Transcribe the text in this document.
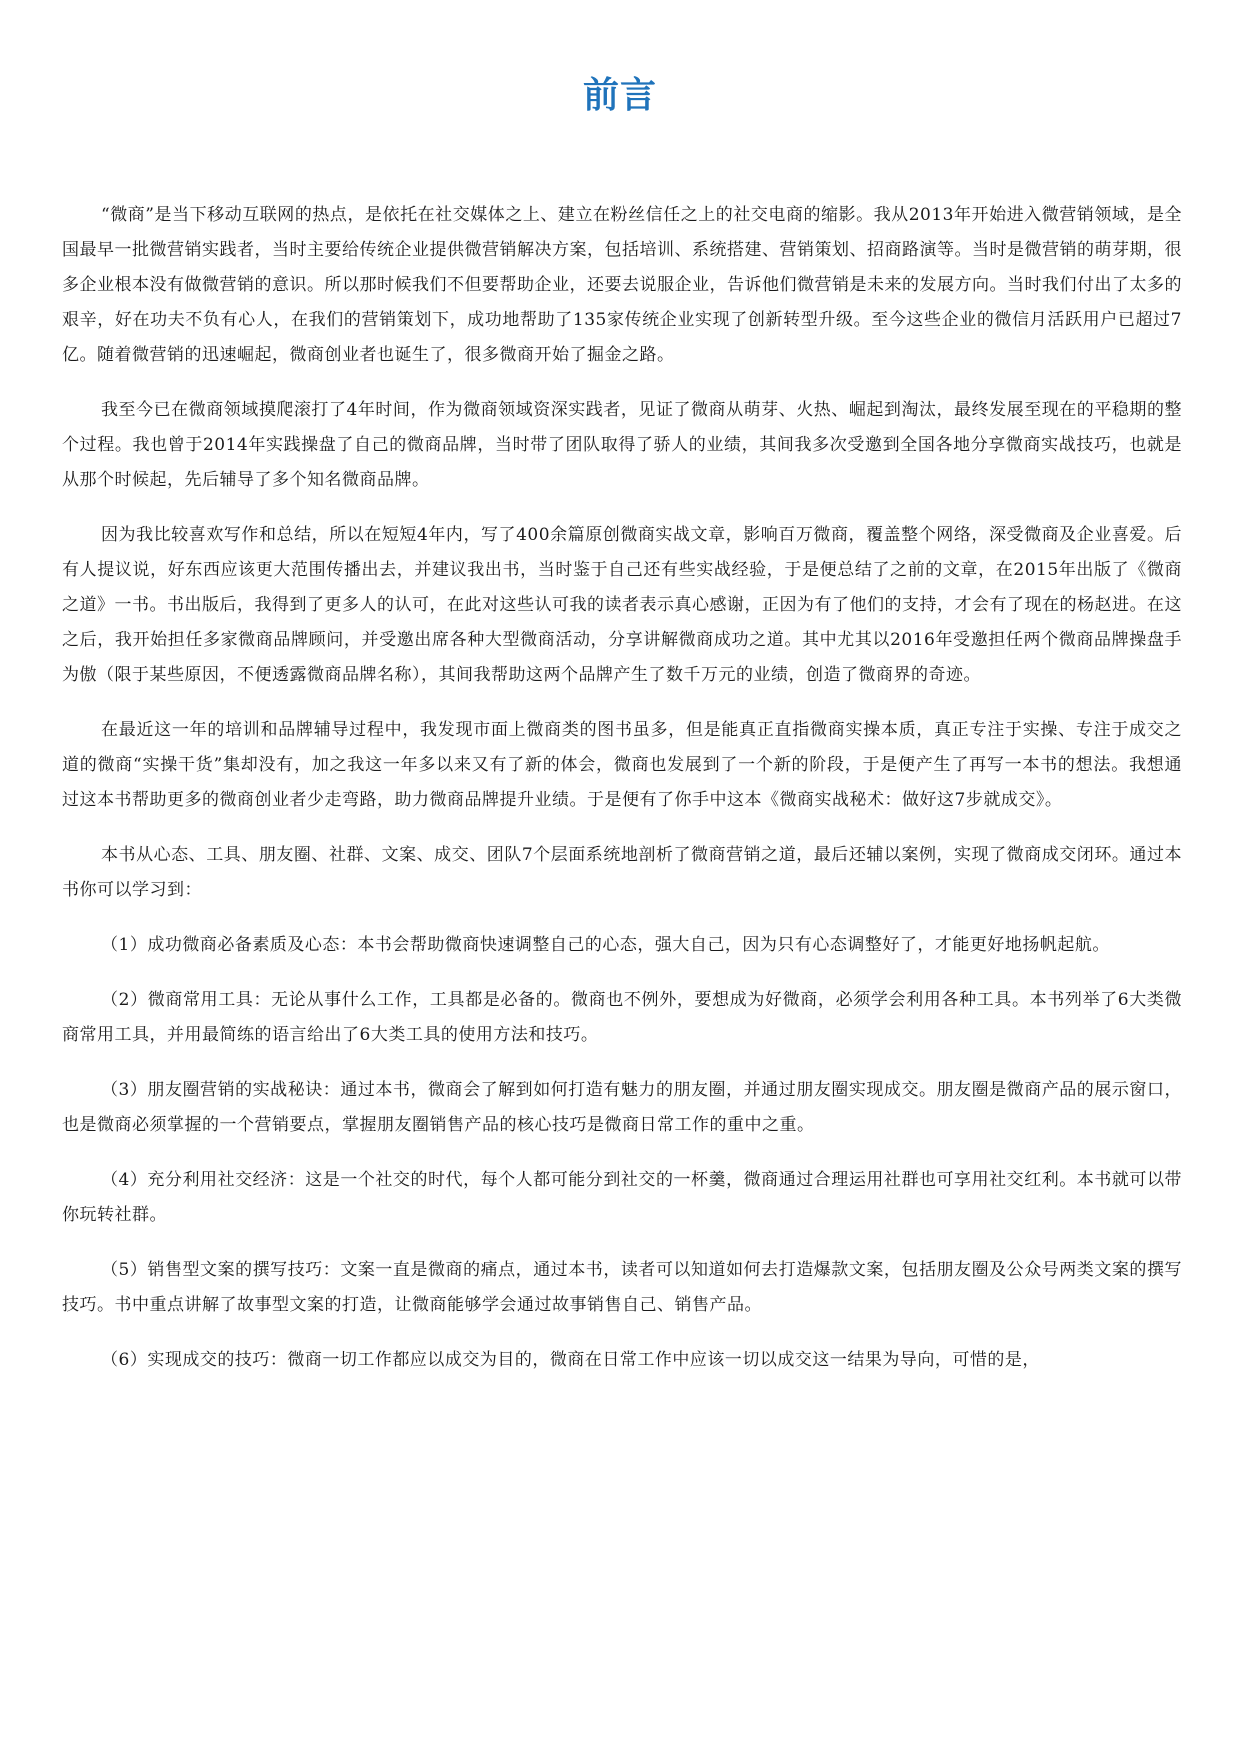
前言

“微商”是当下移动互联网的热点，是依托在社交媒体之上、建立在粉丝信任之上的社交电商的缩影。我从2013年开始进入微营销领域，是全国最早一批微营销实践者，当时主要给传统企业提供微营销解决方案，包括培训、系统搭建、营销策划、招商路演等。当时是微营销的萌芽期，很多企业根本没有做微营销的意识。所以那时候我们不但要帮助企业，还要去说服企业，告诉他们微营销是未来的发展方向。当时我们付出了太多的艰辛，好在功夫不负有心人，在我们的营销策划下，成功地帮助了135家传统企业实现了创新转型升级。至今这些企业的微信月活跃用户已超过7亿。随着微营销的迅速崛起，微商创业者也诞生了，很多微商开始了掘金之路。

我至今已在微商领域摸爬滚打了4年时间，作为微商领域资深实践者，见证了微商从萌芽、火热、崛起到淘汰，最终发展至现在的平稳期的整个过程。我也曾于2014年实践操盘了自己的微商品牌，当时带了团队取得了骄人的业绩，其间我多次受邀到全国各地分享微商实战技巧，也就是从那个时候起，先后辅导了多个知名微商品牌。

因为我比较喜欢写作和总结，所以在短短4年内，写了400余篇原创微商实战文章，影响百万微商，覆盖整个网络，深受微商及企业喜爱。后有人提议说，好东西应该更大范围传播出去，并建议我出书，当时鉴于自己还有些实战经验，于是便总结了之前的文章，在2015年出版了《微商之道》一书。书出版后，我得到了更多人的认可，在此对这些认可我的读者表示真心感谢，正因为有了他们的支持，才会有了现在的杨赵进。在这之后，我开始担任多家微商品牌顾问，并受邀出席各种大型微商活动，分享讲解微商成功之道。其中尤其以2016年受邀担任两个微商品牌操盘手为傲（限于某些原因，不便透露微商品牌名称），其间我帮助这两个品牌产生了数千万元的业绩，创造了微商界的奇迹。

在最近这一年的培训和品牌辅导过程中，我发现市面上微商类的图书虽多，但是能真正直指微商实操本质，真正专注于实操、专注于成交之道的微商“实操干货”集却没有，加之我这一年多以来又有了新的体会，微商也发展到了一个新的阶段，于是便产生了再写一本书的想法。我想通过这本书帮助更多的微商创业者少走弯路，助力微商品牌提升业绩。于是便有了你手中这本《微商实战秘术：做好这7步就成交》。

本书从心态、工具、朋友圈、社群、文案、成交、团队7个层面系统地剖析了微商营销之道，最后还辅以案例，实现了微商成交闭环。通过本书你可以学习到：

（1）成功微商必备素质及心态：本书会帮助微商快速调整自己的心态，强大自己，因为只有心态调整好了，才能更好地扬帆起航。

（2）微商常用工具：无论从事什么工作，工具都是必备的。微商也不例外，要想成为好微商，必须学会利用各种工具。本书列举了6大类微商常用工具，并用最简练的语言给出了6大类工具的使用方法和技巧。

（3）朋友圈营销的实战秘诀：通过本书，微商会了解到如何打造有魅力的朋友圈，并通过朋友圈实现成交。朋友圈是微商产品的展示窗口，也是微商必须掌握的一个营销要点，掌握朋友圈销售产品的核心技巧是微商日常工作的重中之重。

（4）充分利用社交经济：这是一个社交的时代，每个人都可能分到社交的一杯羹，微商通过合理运用社群也可享用社交红利。本书就可以带你玩转社群。

（5）销售型文案的撰写技巧：文案一直是微商的痛点，通过本书，读者可以知道如何去打造爆款文案，包括朋友圈及公众号两类文案的撰写技巧。书中重点讲解了故事型文案的打造，让微商能够学会通过故事销售自己、销售产品。

（6）实现成交的技巧：微商一切工作都应以成交为目的，微商在日常工作中应该一切以成交这一结果为导向，可惜的是，
